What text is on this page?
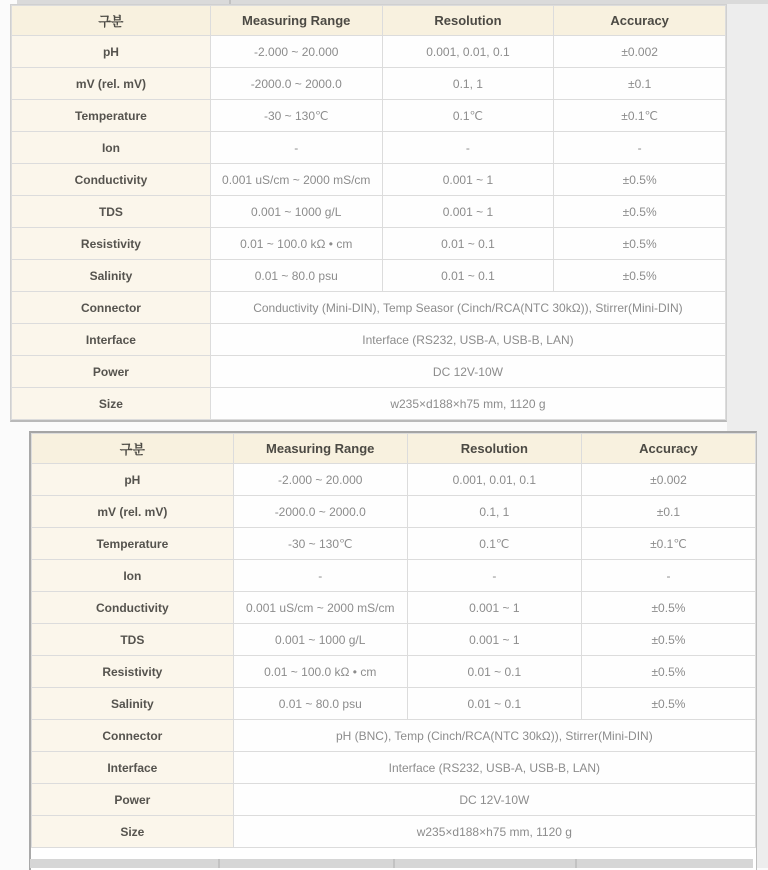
구분	Measuring Range	Resolution	Accuracy
pH	-2.000 ~ 20.000	0.001, 0.01, 0.1	±0.002
mV (rel. mV)	-2000.0 ~ 2000.0	0.1, 1	±0.1
Temperature	-30 ~ 130℃	0.1℃	±0.1℃
Ion	-	-	-
Conductivity	0.001 uS/cm ~ 2000 mS/cm	0.001 ~ 1	±0.5%
TDS	0.001 ~ 1000 g/L	0.001 ~ 1	±0.5%
Resistivity	0.01 ~ 100.0 kΩ • cm	0.01 ~ 0.1	±0.5%
Salinity	0.01 ~ 80.0 psu	0.01 ~ 0.1	±0.5%
Connector	Conductivity (Mini-DIN), Temp Seasor (Cinch/RCA(NTC 30kΩ)), Stirrer(Mini-DIN)		
Interface	Interface (RS232, USB-A, USB-B, LAN)		
Power	DC 12V-10W		
Size	w235×d188×h75 mm, 1120 g		
구분	Measuring Range	Resolution	Accuracy
pH	-2.000 ~ 20.000	0.001, 0.01, 0.1	±0.002
mV (rel. mV)	-2000.0 ~ 2000.0	0.1, 1	±0.1
Temperature	-30 ~ 130℃	0.1℃	±0.1℃
Ion	-	-	-
Conductivity	0.001 uS/cm ~ 2000 mS/cm	0.001 ~ 1	±0.5%
TDS	0.001 ~ 1000 g/L	0.001 ~ 1	±0.5%
Resistivity	0.01 ~ 100.0 kΩ • cm	0.01 ~ 0.1	±0.5%
Salinity	0.01 ~ 80.0 psu	0.01 ~ 0.1	±0.5%
Connector	pH (BNC), Temp (Cinch/RCA(NTC 30kΩ)), Stirrer(Mini-DIN)		
Interface	Interface (RS232, USB-A, USB-B, LAN)		
Power	DC 12V-10W		
Size	w235×d188×h75 mm, 1120 g		
